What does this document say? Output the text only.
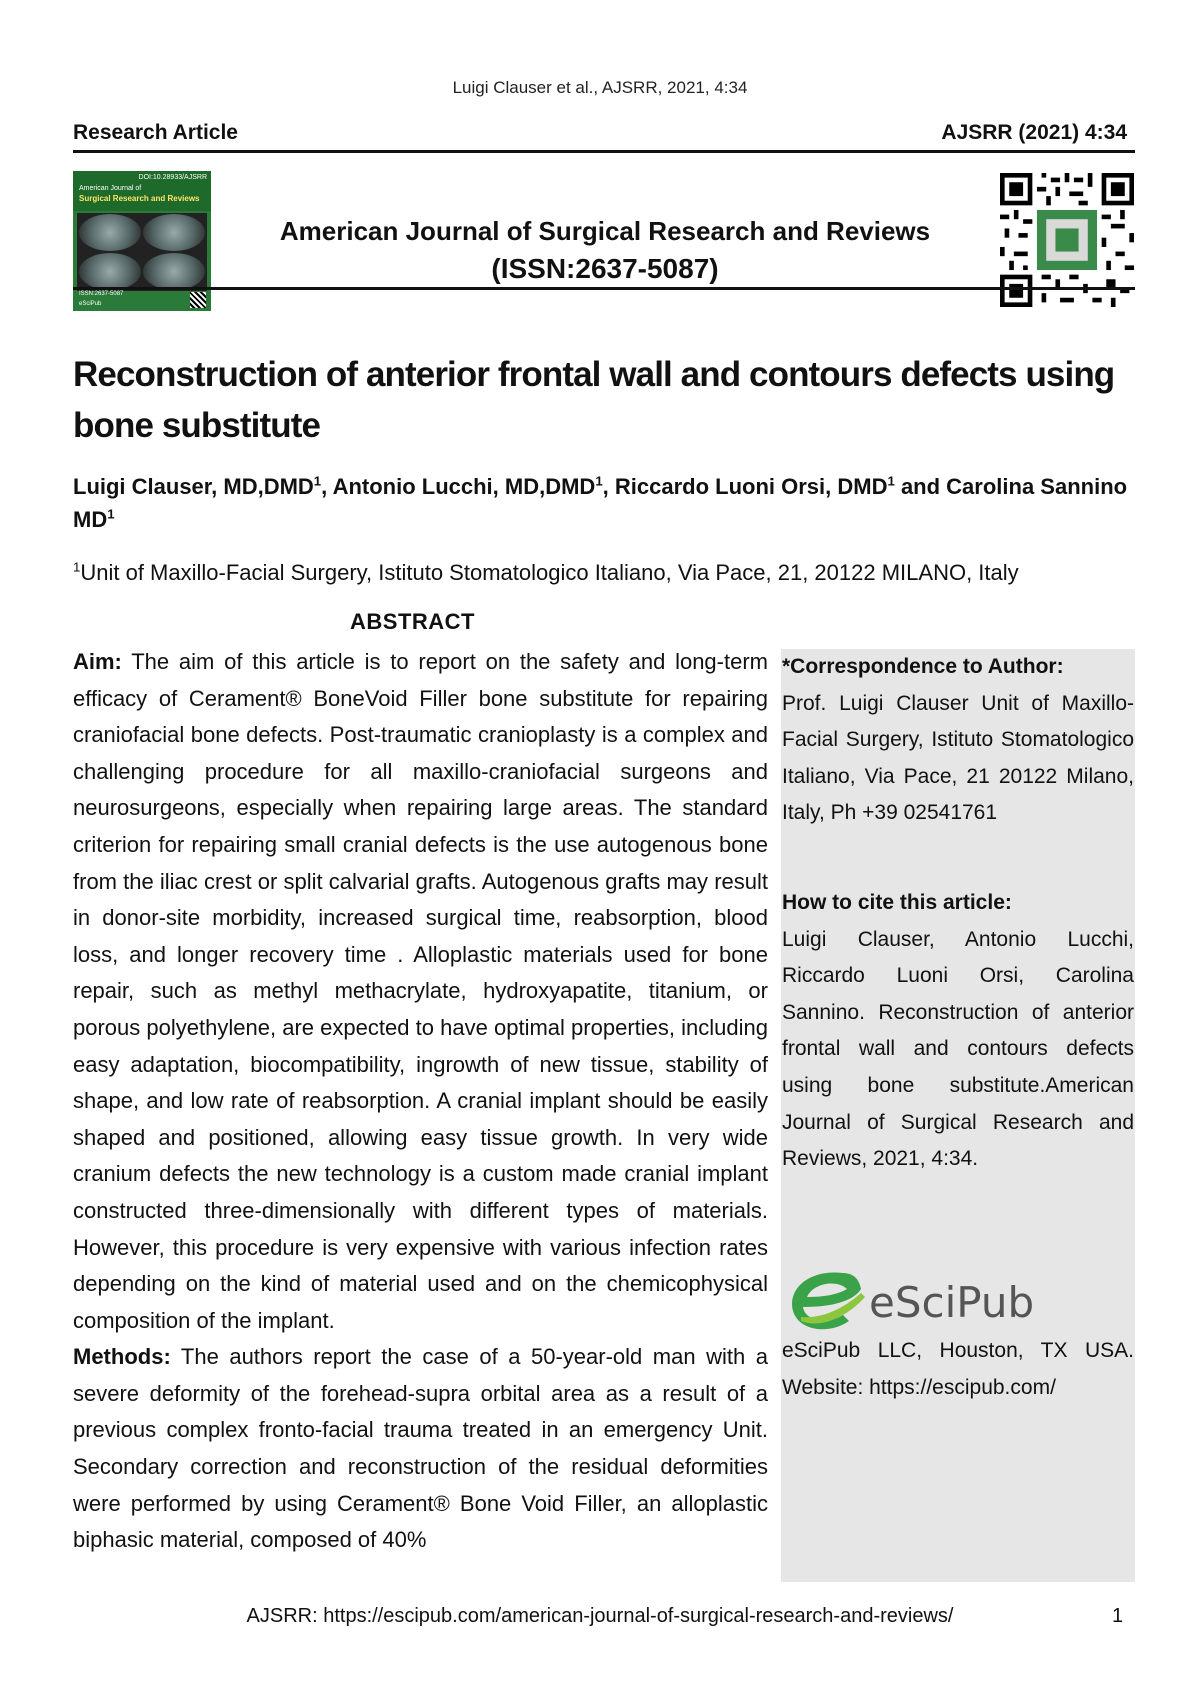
Luigi Clauser et al., AJSRR, 2021, 4:34
Research Article	AJSRR (2021) 4:34
DOI:10.28933/AJSRR
American Journal of
Surgical Research and Reviews
ISSN:2637-5087
eSciPub
American Journal of Surgical Research and Reviews
(ISSN:2637-5087)
Reconstruction of anterior frontal wall and contours defects using bone substitute
Luigi Clauser, MD,DMD$^1$, Antonio Lucchi, MD,DMD$^1$, Riccardo Luoni Orsi, DMD$^1$ and Carolina Sannino $MD^1$
$^1$Unit of Maxillo-Facial Surgery, Istituto Stomatologico Italiano, Via Pace, 21, 20122 MILANO, Italy
ABSTRACT

Aim: The aim of this article is to report on the safety and long-term efficacy of Cerament® BoneVoid Filler bone substitute for repairing craniofacial bone defects. Post-traumatic cranioplasty is a complex and challenging procedure for all maxillo-craniofacial surgeons and neurosurgeons, especially when repairing large areas. The standard criterion for repairing small cranial defects is the use autogenous bone from the iliac crest or split calvarial grafts. Autogenous grafts may result in donor-site morbidity, increased surgical time, reabsorption, blood loss, and longer recovery time . Alloplastic materials used for bone repair, such as methyl methacrylate, hydroxyapatite, titanium, or porous polyethylene, are expected to have optimal properties, including easy adaptation, biocompatibility, ingrowth of new tissue, stability of shape, and low rate of reabsorption. A cranial implant should be easily shaped and positioned, allowing easy tissue growth. In very wide cranium defects the new technology is a custom made cranial implant constructed three-dimensionally with different types of materials. However, this procedure is very expensive with various infection rates depending on the kind of material used and on the chemicophysical composition of the implant.

Methods: The authors report the case of a 50-year-old man with a severe deformity of the forehead-supra orbital area as a result of a previous complex fronto-facial trauma treated in an emergency Unit. Secondary correction and reconstruction of the residual deformities were performed by using Cerament® Bone Void Filler, an alloplastic biphasic material, composed of 40%

*Correspondence to Author:
Prof. Luigi Clauser Unit of Maxillo-Facial Surgery, Istituto Stomatologico Italiano, Via Pace, 21 20122 Milano, Italy, Ph +39 02541761
How to cite this article:
Luigi Clauser, Antonio Lucchi, Riccardo Luoni Orsi, Carolina Sannino. Reconstruction of anterior frontal wall and contours defects using bone substitute.American Journal of Surgical Research and Reviews, 2021, 4:34.
eSciPub
eSciPub LLC, Houston, TX USA.
Website: https://escipub.com/
AJSRR: https://escipub.com/american-journal-of-surgical-research-and-reviews/	1
